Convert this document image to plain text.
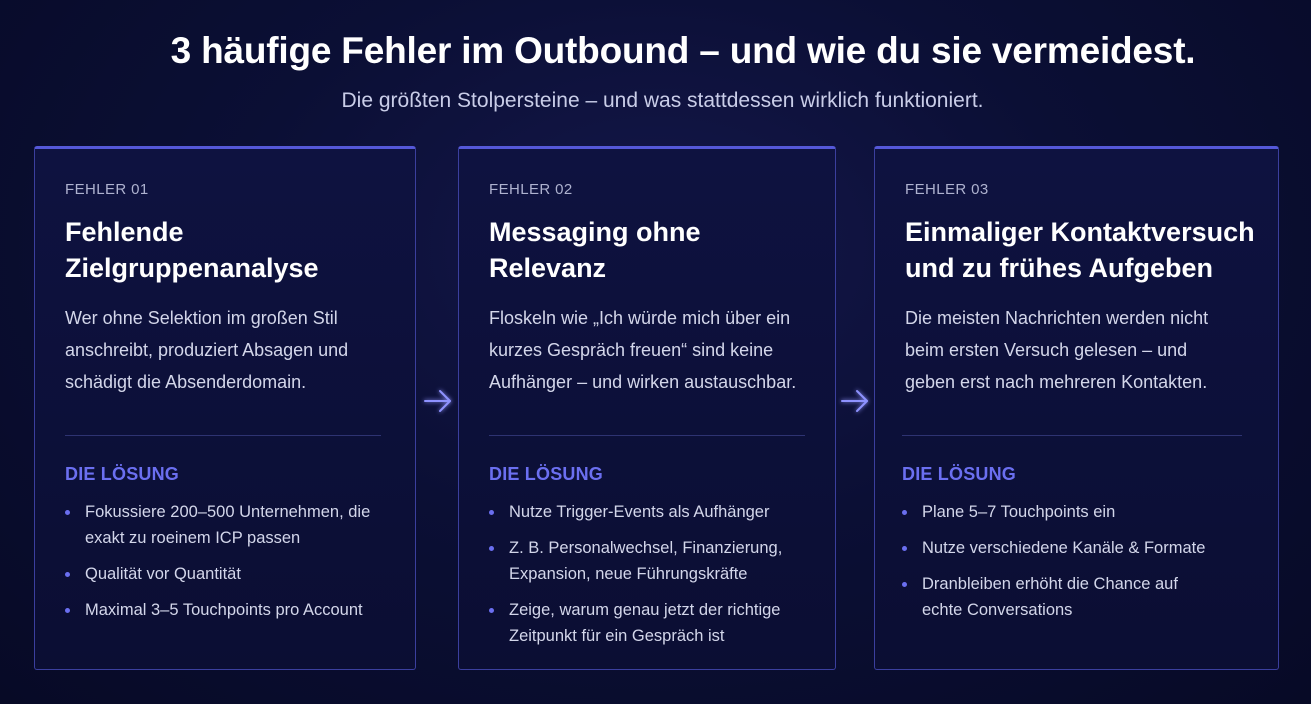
3 häufige Fehler im Outbound – und wie du sie vermeidest.

Die größten Stolpersteine – und was stattdessen wirklich funktioniert.

FEHLER 01
Fehlende Zielgruppenanalyse
Wer ohne Selektion im großen Stil anschreibt, produziert Absagen und schädigt die Absenderdomain.
DIE LÖSUNG
Fokussiere 200–500 Unternehmen, die exakt zu roeinem ICP passen
Qualität vor Quantität
Maximal 3–5 Touchpoints pro Account
FEHLER 02
Messaging ohne Relevanz
Floskeln wie „Ich würde mich über ein kurzes Gespräch freuen“ sind keine Aufhänger – und wirken austauschbar.
DIE LÖSUNG
Nutze Trigger-Events als Aufhänger
Z. B. Personalwechsel, Finanzierung, Expansion, neue Führungskräfte
Zeige, warum genau jetzt der richtige Zeitpunkt für ein Gespräch ist
FEHLER 03
Einmaliger Kontaktversuch und zu frühes Aufgeben
Die meisten Nachrichten werden nicht beim ersten Versuch gelesen – und geben erst nach mehreren Kontakten.
DIE LÖSUNG
Plane 5–7 Touchpoints ein
Nutze verschiedene Kanäle & Formate
Dranbleiben erhöht die Chance auf echte Conversations
